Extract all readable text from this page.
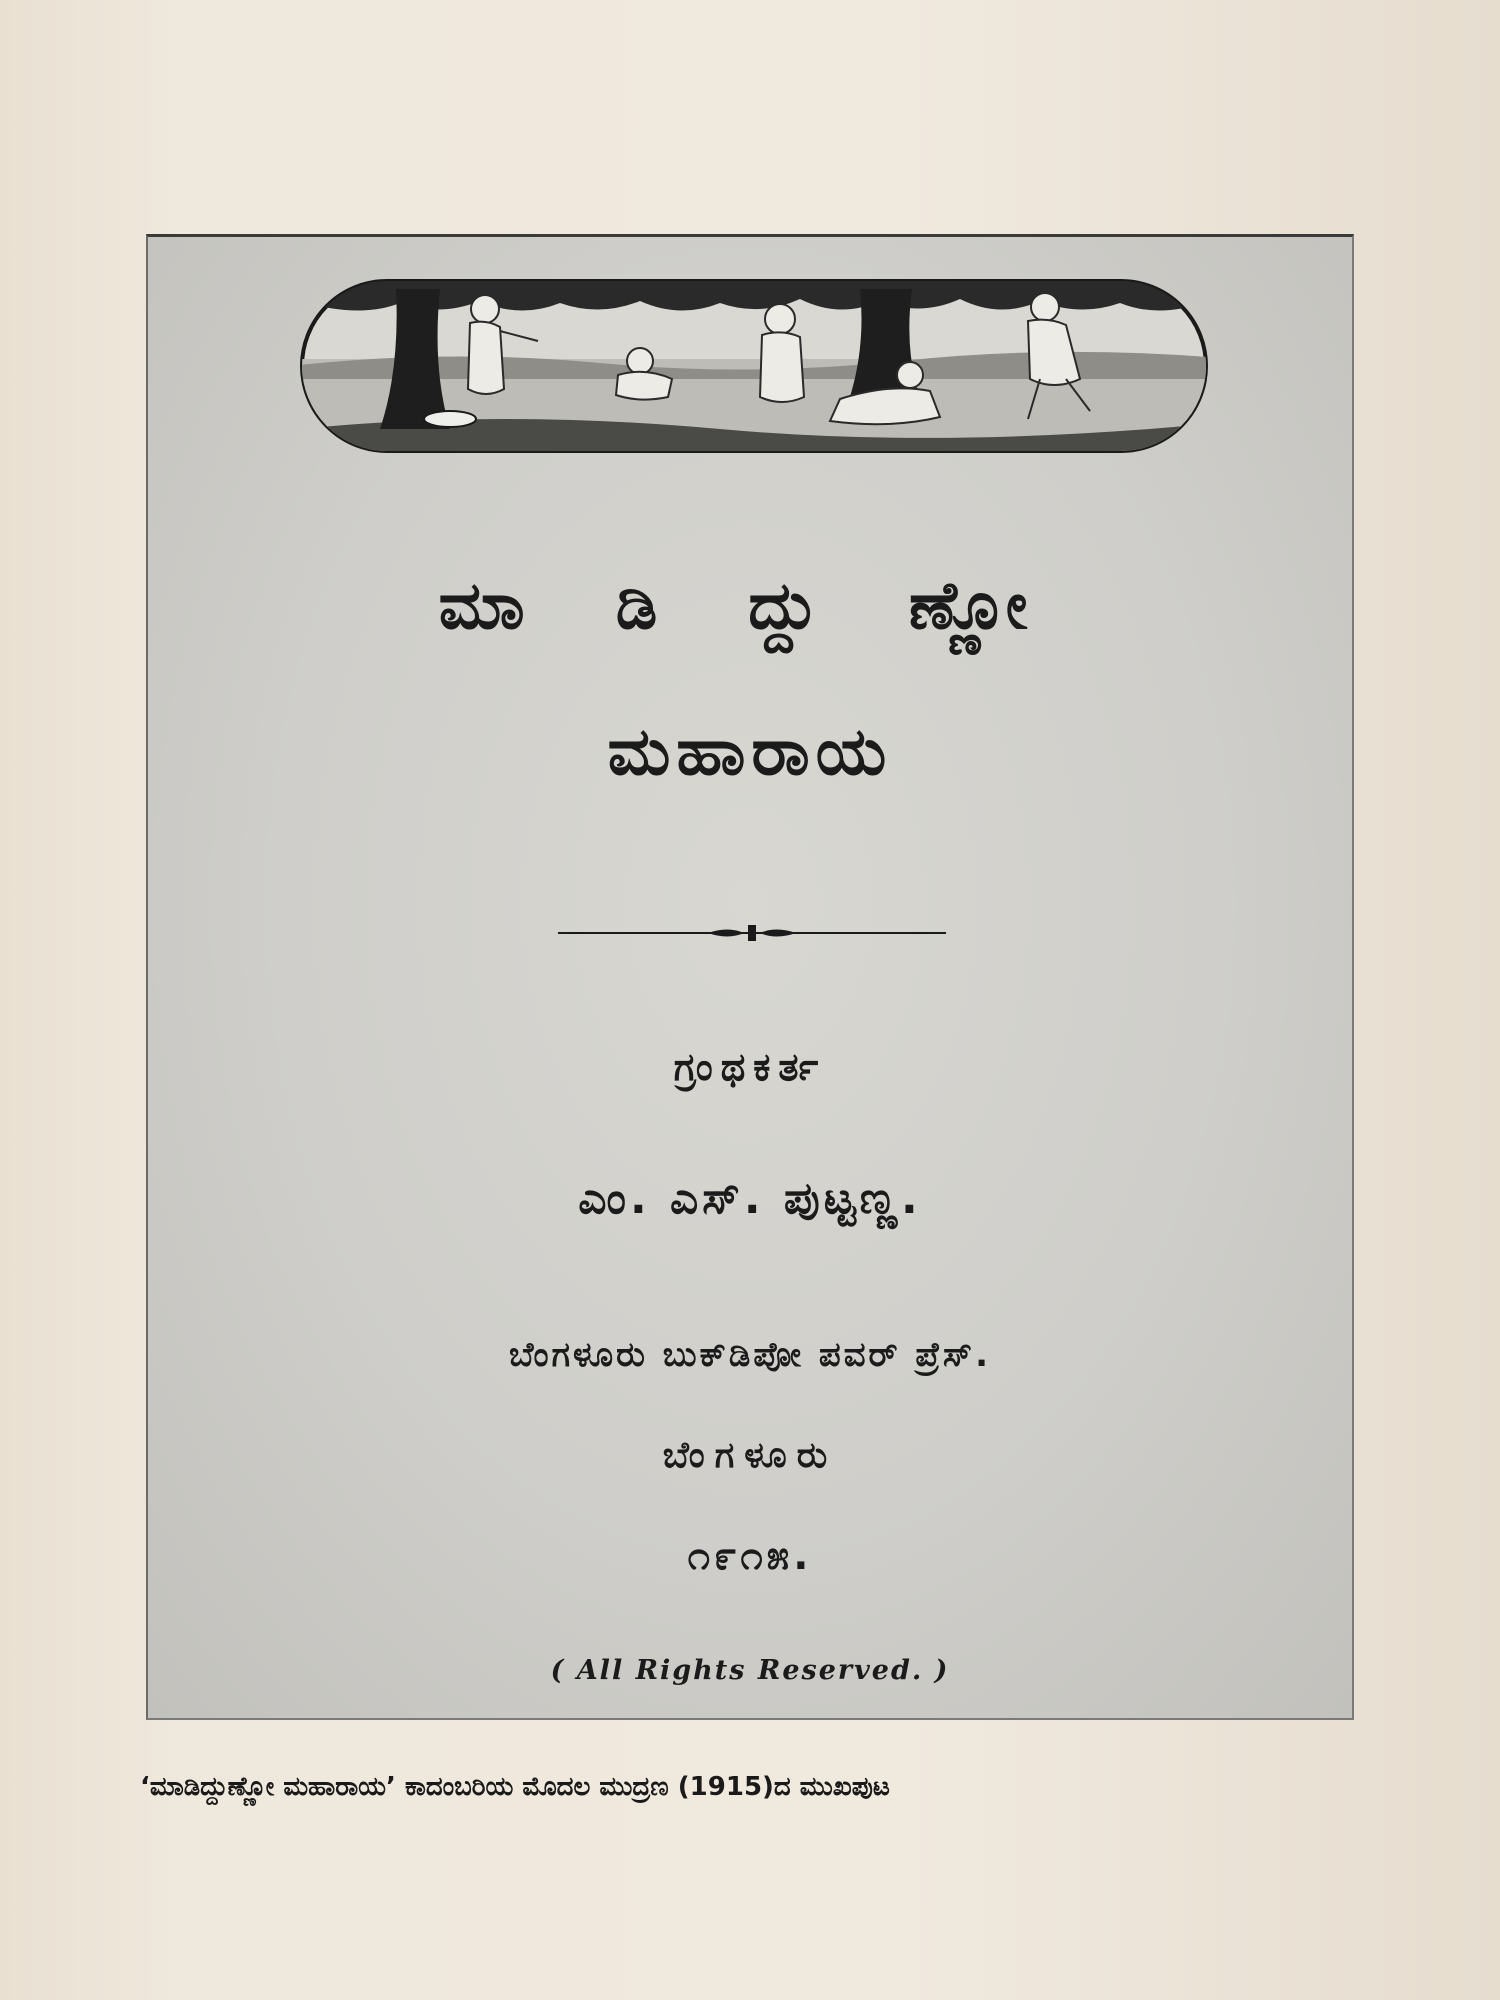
ಮಾ ಡಿ ದ್ದು ಣ್ಣೋ
ಮಹಾರಾಯ
ಗ್ರಂಥಕರ್ತ
ಎಂ. ಎಸ್. ಪುಟ್ಟಣ್ಣ.
ಬೆಂಗಳೂರು ಬುಕ್‌ಡಿಪೋ ಪವರ್ ಪ್ರೆಸ್.
ಬೆಂಗಳೂರು
೧೯೧೫.
( All Rights Reserved. )
‘ಮಾಡಿದ್ದುಣ್ಣೋ ಮಹಾರಾಯ’ ಕಾದಂಬರಿಯ ಮೊದಲ ಮುದ್ರಣ (1915)ದ ಮುಖಪುಟ
